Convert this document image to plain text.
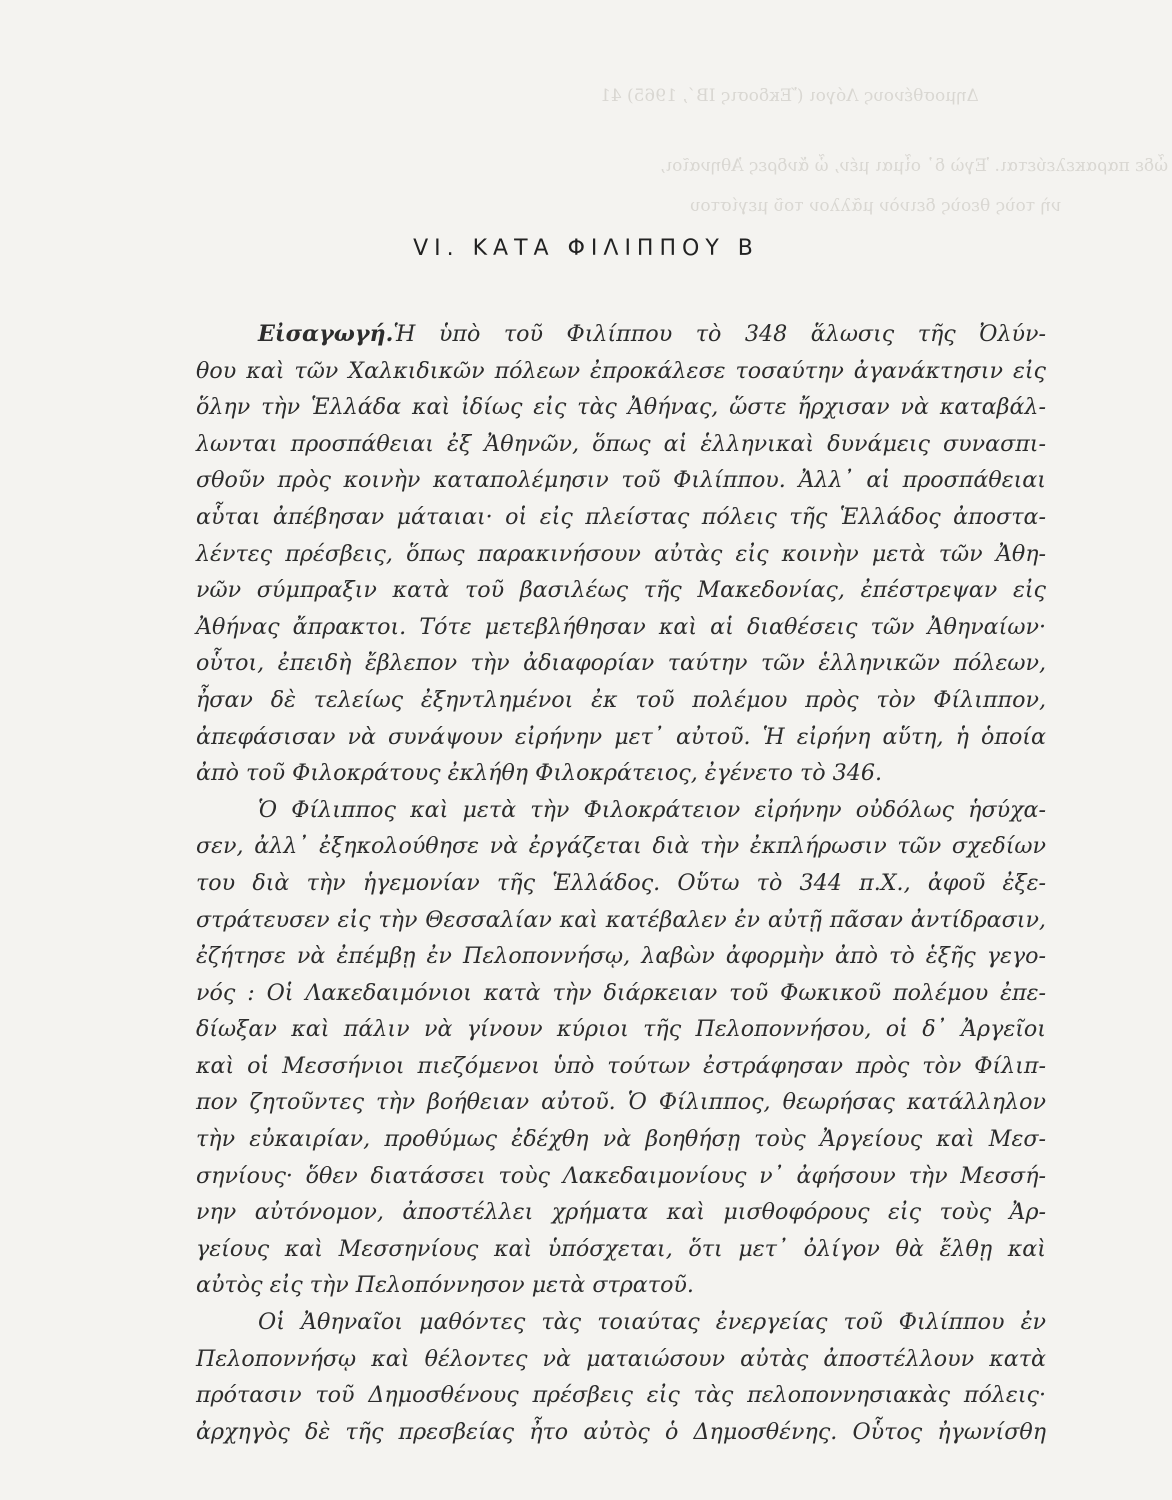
Δημοσθένους Λόγοι (Ἔκδοσις ΙΒ΄, 1965) 41
ὧδε παρακελεύεται. Ἐγὼ δ᾿ οἶμαι μέν, ὦ ἄνδρες Ἀθηναῖοι,
νὴ τοὺς θεοὺς δεινὸν μᾶλλον τοῦ μεγίστου
VI. ΚΑΤΑ ΦΙΛΙΠΠΟΥ Β
Εἰσαγωγή.Ἡ ὑπὸ τοῦ Φιλίππου τὸ 348 ἅλωσις τῆς Ὀλύν-
θου καὶ τῶν Χαλκιδικῶν πόλεων ἐπροκάλεσε τοσαύτην ἀγανάκτησιν εἰς
ὅλην τὴν Ἑλλάδα καὶ ἰδίως εἰς τὰς Ἀθήνας, ὥστε ἤρχισαν νὰ καταβάλ-
λωνται προσπάθειαι ἐξ Ἀθηνῶν, ὅπως αἱ ἑλληνικαὶ δυνάμεις συνασπι-
σθοῦν πρὸς κοινὴν καταπολέμησιν τοῦ Φιλίππου. Ἀλλ᾿ αἱ προσπάθειαι
αὗται ἀπέβησαν μάταιαι· οἱ εἰς πλείστας πόλεις τῆς Ἑλλάδος ἀποστα-
λέντες πρέσβεις, ὅπως παρακινήσουν αὐτὰς εἰς κοινὴν μετὰ τῶν Ἀθη-
νῶν σύμπραξιν κατὰ τοῦ βασιλέως τῆς Μακεδονίας, ἐπέστρεψαν εἰς
Ἀθήνας ἄπρακτοι. Τότε μετεβλήθησαν καὶ αἱ διαθέσεις τῶν Ἀθηναίων·
οὗτοι, ἐπειδὴ ἔβλεπον τὴν ἀδιαφορίαν ταύτην τῶν ἑλληνικῶν πόλεων,
ἦσαν δὲ τελείως ἐξηντλημένοι ἐκ τοῦ πολέμου πρὸς τὸν Φίλιππον,
ἀπεφάσισαν νὰ συνάψουν εἰρήνην μετ᾿ αὐτοῦ. Ἡ εἰρήνη αὕτη, ἡ ὁποία
ἀπὸ τοῦ Φιλοκράτους ἐκλήθη Φιλοκράτειος, ἐγένετο τὸ 346.
Ὁ Φίλιππος καὶ μετὰ τὴν Φιλοκράτειον εἰρήνην οὐδόλως ἡσύχα-
σεν, ἀλλ᾿ ἐξηκολούθησε νὰ ἐργάζεται διὰ τὴν ἐκπλήρωσιν τῶν σχεδίων
του διὰ τὴν ἡγεμονίαν τῆς Ἑλλάδος. Οὕτω τὸ 344 π.Χ., ἀφοῦ ἐξε-
στράτευσεν εἰς τὴν Θεσσαλίαν καὶ κατέβαλεν ἐν αὐτῇ πᾶσαν ἀντίδρασιν,
ἐζήτησε νὰ ἐπέμβῃ ἐν Πελοποννήσῳ, λαβὼν ἀφορμὴν ἀπὸ τὸ ἑξῆς γεγο-
νός : Οἱ Λακεδαιμόνιοι κατὰ τὴν διάρκειαν τοῦ Φωκικοῦ πολέμου ἐπε-
δίωξαν καὶ πάλιν νὰ γίνουν κύριοι τῆς Πελοποννήσου, οἱ δ᾿ Ἀργεῖοι
καὶ οἱ Μεσσήνιοι πιεζόμενοι ὑπὸ τούτων ἐστράφησαν πρὸς τὸν Φίλιπ-
πον ζητοῦντες τὴν βοήθειαν αὐτοῦ. Ὁ Φίλιππος, θεωρήσας κατάλληλον
τὴν εὐκαιρίαν, προθύμως ἐδέχθη νὰ βοηθήσῃ τοὺς Ἀργείους καὶ Μεσ-
σηνίους· ὅθεν διατάσσει τοὺς Λακεδαιμονίους ν᾿ ἀφήσουν τὴν Μεσσή-
νην αὐτόνομον, ἀποστέλλει χρήματα καὶ μισθοφόρους εἰς τοὺς Ἀρ-
γείους καὶ Μεσσηνίους καὶ ὑπόσχεται, ὅτι μετ᾿ ὀλίγον θὰ ἔλθῃ καὶ
αὐτὸς εἰς τὴν Πελοπόννησον μετὰ στρατοῦ.
Οἱ Ἀθηναῖοι μαθόντες τὰς τοιαύτας ἐνεργείας τοῦ Φιλίππου ἐν
Πελοποννήσῳ καὶ θέλοντες νὰ ματαιώσουν αὐτὰς ἀποστέλλουν κατὰ
πρότασιν τοῦ Δημοσθένους πρέσβεις εἰς τὰς πελοποννησιακὰς πόλεις·
ἀρχηγὸς δὲ τῆς πρεσβείας ἦτο αὐτὸς ὁ Δημοσθένης. Οὗτος ἠγωνίσθη
